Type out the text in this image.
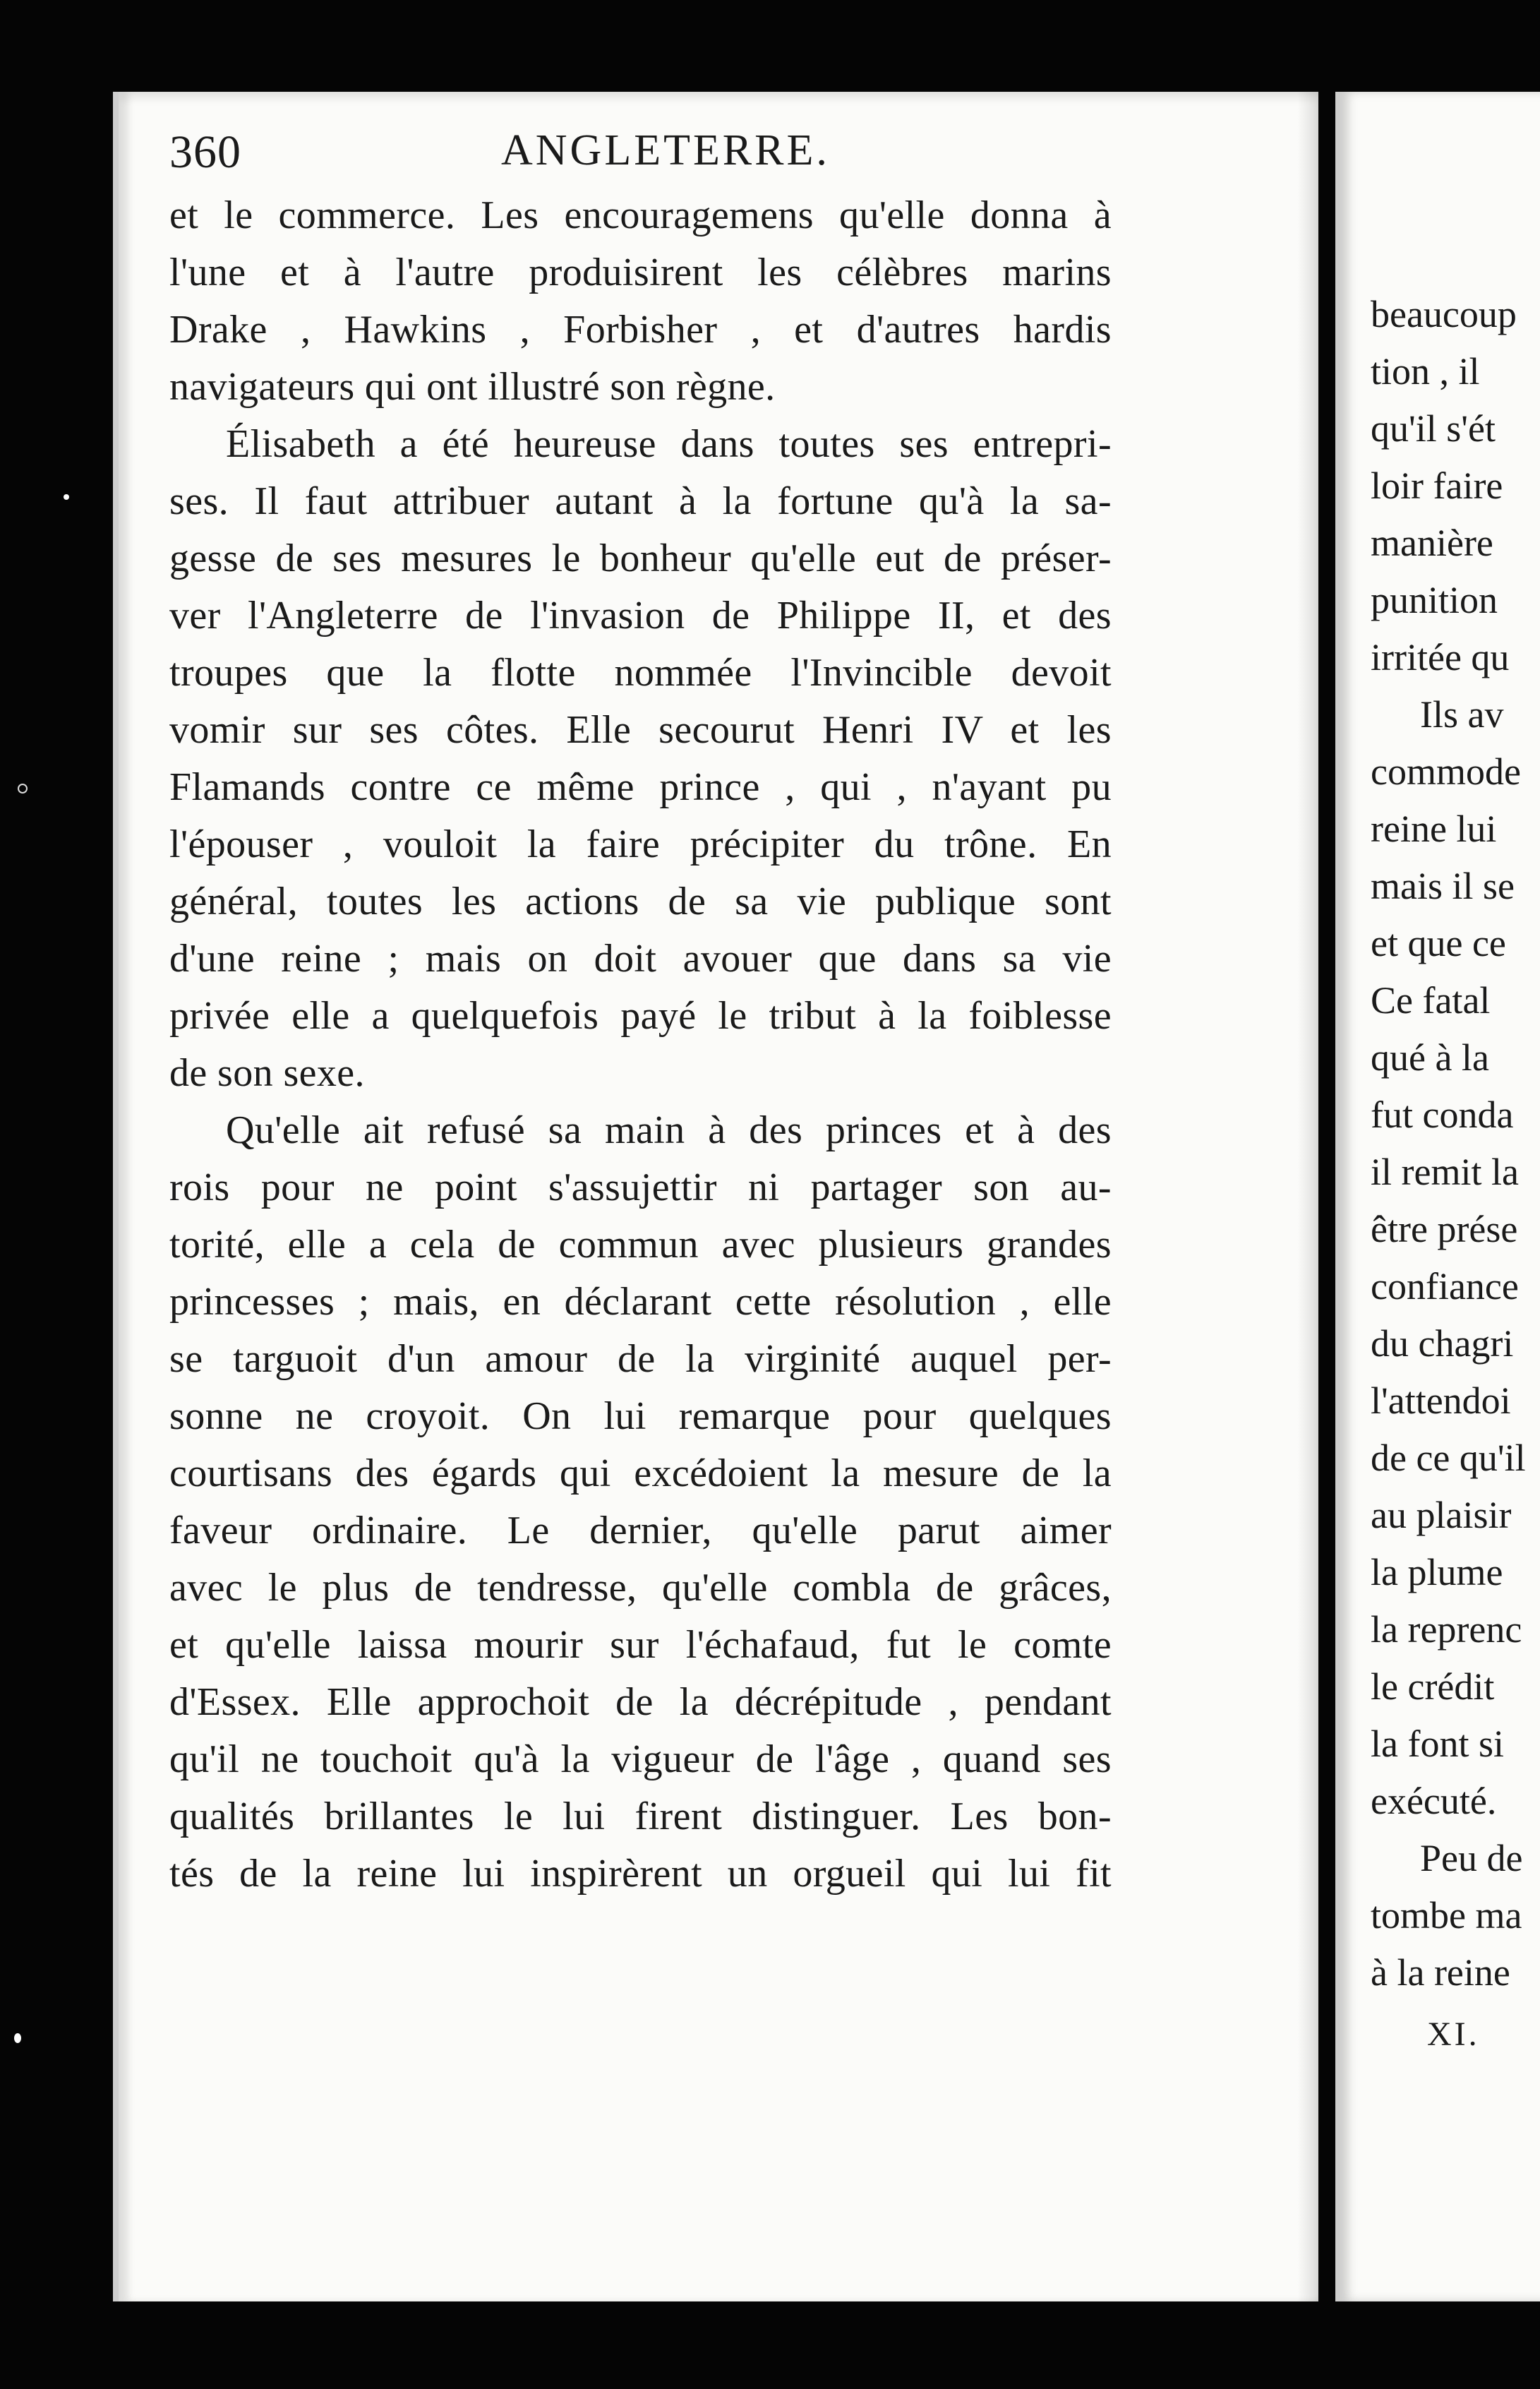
360	ANGLETERRE.
et le commerce. Les encouragemens qu'elle donna à
l'une et à l'autre produisirent les célèbres marins
Drake , Hawkins , Forbisher , et d'autres hardis
navigateurs qui ont illustré son règne.
Élisabeth a été heureuse dans toutes ses entrepri-
ses. Il faut attribuer autant à la fortune qu'à la sa-
gesse de ses mesures le bonheur qu'elle eut de préser-
ver l'Angleterre de l'invasion de Philippe II, et des
troupes que la flotte nommée l'Invincible devoit
vomir sur ses côtes. Elle secourut Henri IV et les
Flamands contre ce même prince , qui , n'ayant pu
l'épouser , vouloit la faire précipiter du trône. En
général, toutes les actions de sa vie publique sont
d'une reine ; mais on doit avouer que dans sa vie
privée elle a quelquefois payé le tribut à la foiblesse
de son sexe.
Qu'elle ait refusé sa main à des princes et à des
rois pour ne point s'assujettir ni partager son au-
torité, elle a cela de commun avec plusieurs grandes
princesses ; mais, en déclarant cette résolution , elle
se targuoit d'un amour de la virginité auquel per-
sonne ne croyoit. On lui remarque pour quelques
courtisans des égards qui excédoient la mesure de la
faveur ordinaire. Le dernier, qu'elle parut aimer
avec le plus de tendresse, qu'elle combla de grâces,
et qu'elle laissa mourir sur l'échafaud, fut le comte
d'Essex. Elle approchoit de la décrépitude , pendant
qu'il ne touchoit qu'à la vigueur de l'âge , quand ses
qualités brillantes le lui firent distinguer. Les bon-
tés de la reine lui inspirèrent un orgueil qui lui fit
beaucoup
tion , il
qu'il s'ét
loir faire
manière
punition
irritée qu
Ils av
commode
reine lui
mais il se
et que ce
Ce fatal
qué à la
fut conda
il remit la
être prése
confiance
du chagri
l'attendoi
de ce qu'il
au plaisir
la plume
la reprenc
le crédit
la font si
exécuté.
Peu de
tombe ma
à la reine
XI.
